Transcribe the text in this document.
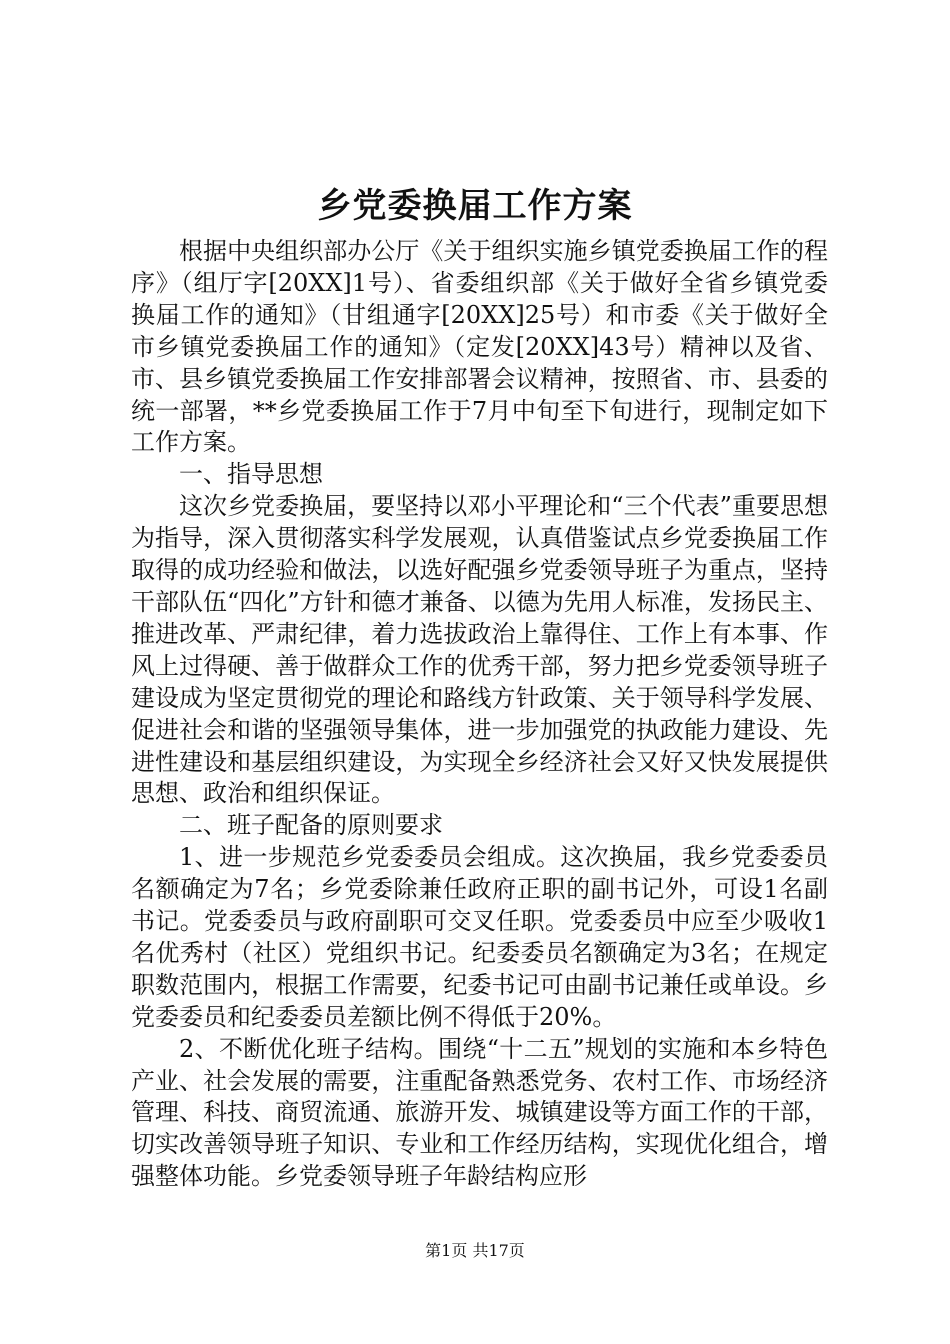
乡党委换届工作方案

根据中央组织部办公厅《关于组织实施乡镇党委换届工作的程序》（组厅字[20XX]1号）、省委组织部《关于做好全省乡镇党委换届工作的通知》（甘组通字[20XX]25号）和市委《关于做好全市乡镇党委换届工作的通知》（定发[20XX]43号）精神以及省、市、县乡镇党委换届工作安排部署会议精神，按照省、市、县委的统一部署，**乡党委换届工作于7月中旬至下旬进行，现制定如下工作方案。

一、指导思想

这次乡党委换届，要坚持以邓小平理论和“三个代表”重要思想为指导，深入贯彻落实科学发展观，认真借鉴试点乡党委换届工作取得的成功经验和做法，以选好配强乡党委领导班子为重点，坚持干部队伍“四化”方针和德才兼备、以德为先用人标准，发扬民主、推进改革、严肃纪律，着力选拔政治上靠得住、工作上有本事、作风上过得硬、善于做群众工作的优秀干部，努力把乡党委领导班子建设成为坚定贯彻党的理论和路线方针政策、关于领导科学发展、促进社会和谐的坚强领导集体，进一步加强党的执政能力建设、先进性建设和基层组织建设，为实现全乡经济社会又好又快发展提供思想、政治和组织保证。

二、班子配备的原则要求

1、进一步规范乡党委委员会组成。这次换届，我乡党委委员名额确定为7名；乡党委除兼任政府正职的副书记外，可设1名副书记。党委委员与政府副职可交叉任职。党委委员中应至少吸收1名优秀村（社区）党组织书记。纪委委员名额确定为3名；在规定职数范围内，根据工作需要，纪委书记可由副书记兼任或单设。乡党委委员和纪委委员差额比例不得低于20%。

2、不断优化班子结构。围绕“十二五”规划的实施和本乡特色产业、社会发展的需要，注重配备熟悉党务、农村工作、市场经济管理、科技、商贸流通、旅游开发、城镇建设等方面工作的干部，切实改善领导班子知识、专业和工作经历结构，实现优化组合，增强整体功能。乡党委领导班子年龄结构应形

第1页 共17页
